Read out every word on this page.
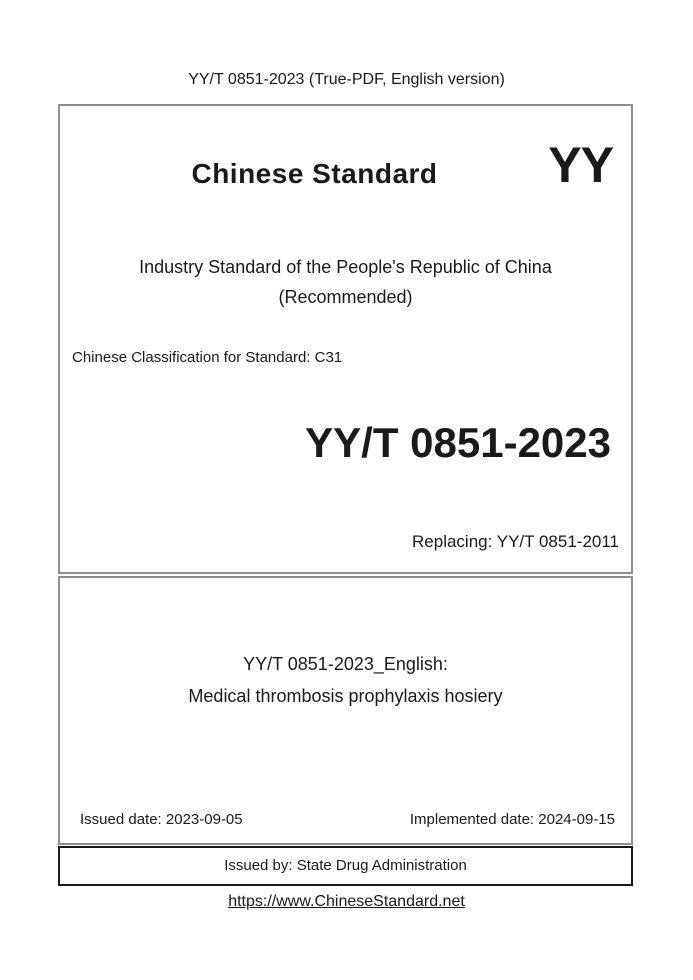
YY/T 0851-2023 (True-PDF, English version)
Chinese Standard	YY
Industry Standard of the People's Republic of China
(Recommended)
Chinese Classification for Standard: C31
YY/T 0851-2023
Replacing: YY/T 0851-2011
YY/T 0851-2023_English:
Medical thrombosis prophylaxis hosiery
Issued date: 2023-09-05	Implemented date: 2024-09-15
Issued by: State Drug Administration
https://www.ChineseStandard.net
